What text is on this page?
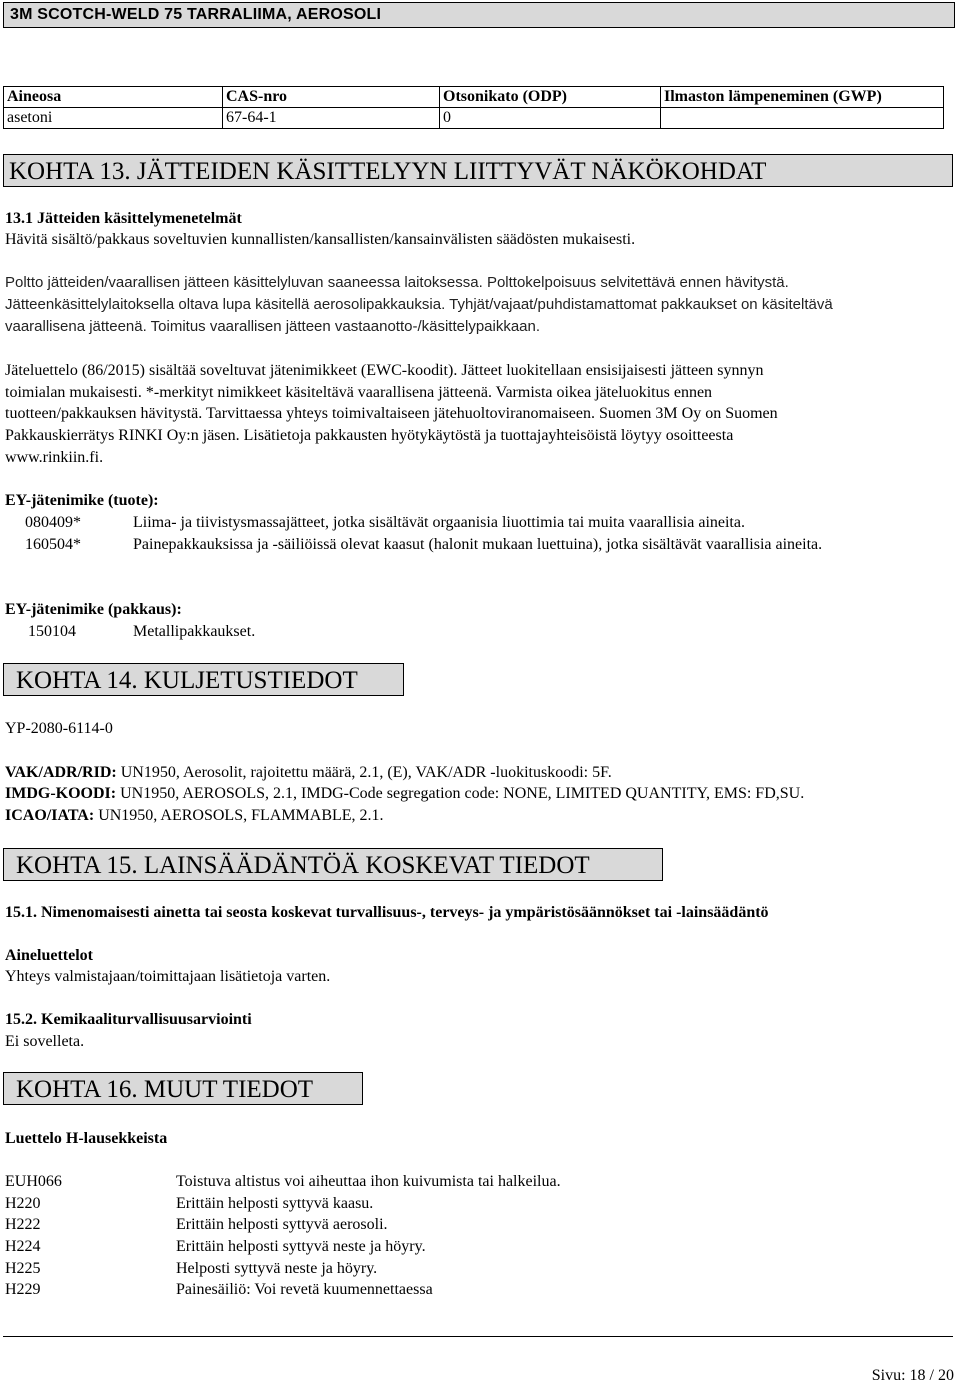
3M SCOTCH-WELD 75 TARRALIIMA, AEROSOLI
Aineosa	CAS-nro	Otsonikato (ODP)	Ilmaston lämpeneminen (GWP)
asetoni	67-64-1	0	
KOHTA 13. JÄTTEIDEN KÄSITTELYYN LIITTYVÄT NÄKÖKOHDAT
13.1 Jätteiden käsittelymenetelmät
Hävitä sisältö/pakkaus soveltuvien kunnallisten/kansallisten/kansainvälisten säädösten mukaisesti.
Poltto jätteiden/vaarallisen jätteen käsittelyluvan saaneessa laitoksessa. Polttokelpoisuus selvitettävä ennen hävitystä.
Jätteenkäsittelylaitoksella oltava lupa käsitellä aerosolipakkauksia. Tyhjät/vajaat/puhdistamattomat pakkaukset on käsiteltävä
vaarallisena jätteenä. Toimitus vaarallisen jätteen vastaanotto-/käsittelypaikkaan.
Jäteluettelo (86/2015) sisältää soveltuvat jätenimikkeet (EWC-koodit). Jätteet luokitellaan ensisijaisesti jätteen synnyn
toimialan mukaisesti. *-merkityt nimikkeet käsiteltävä vaarallisena jätteenä. Varmista oikea jäteluokitus ennen
tuotteen/pakkauksen hävitystä. Tarvittaessa yhteys toimivaltaiseen jätehuoltoviranomaiseen. Suomen 3M Oy on Suomen
Pakkauskierrätys RINKI Oy:n jäsen. Lisätietoja pakkausten hyötykäytöstä ja tuottajayhteisöistä löytyy osoitteesta
www.rinkiin.fi.
EY-jätenimike (tuote):
080409*	Liima- ja tiivistysmassajätteet, jotka sisältävät orgaanisia liuottimia tai muita vaarallisia aineita.
160504*	Painepakkauksissa ja -säiliöissä olevat kaasut (halonit mukaan luettuina), jotka sisältävät vaarallisia aineita.
EY-jätenimike (pakkaus):
150104	Metallipakkaukset.
KOHTA 14. KULJETUSTIEDOT
YP-2080-6114-0
VAK/ADR/RID: UN1950, Aerosolit, rajoitettu määrä, 2.1, (E), VAK/ADR -luokituskoodi: 5F.
IMDG-KOODI: UN1950, AEROSOLS, 2.1, IMDG-Code segregation code: NONE, LIMITED QUANTITY, EMS: FD,SU.
ICAO/IATA: UN1950, AEROSOLS, FLAMMABLE, 2.1.
KOHTA 15. LAINSÄÄDÄNTÖÄ KOSKEVAT TIEDOT
15.1. Nimenomaisesti ainetta tai seosta koskevat turvallisuus-, terveys- ja ympäristösäännökset tai -lainsäädäntö
Aineluettelot
Yhteys valmistajaan/toimittajaan lisätietoja varten.
15.2. Kemikaaliturvallisuusarviointi
Ei sovelleta.
KOHTA 16. MUUT TIEDOT
Luettelo H-lausekkeista
EUH066	Toistuva altistus voi aiheuttaa ihon kuivumista tai halkeilua.
H220	Erittäin helposti syttyvä kaasu.
H222	Erittäin helposti syttyvä aerosoli.
H224	Erittäin helposti syttyvä neste ja höyry.
H225	Helposti syttyvä neste ja höyry.
H229	Painesäiliö: Voi revetä kuumennettaessa
Sivu: 18 / 20
